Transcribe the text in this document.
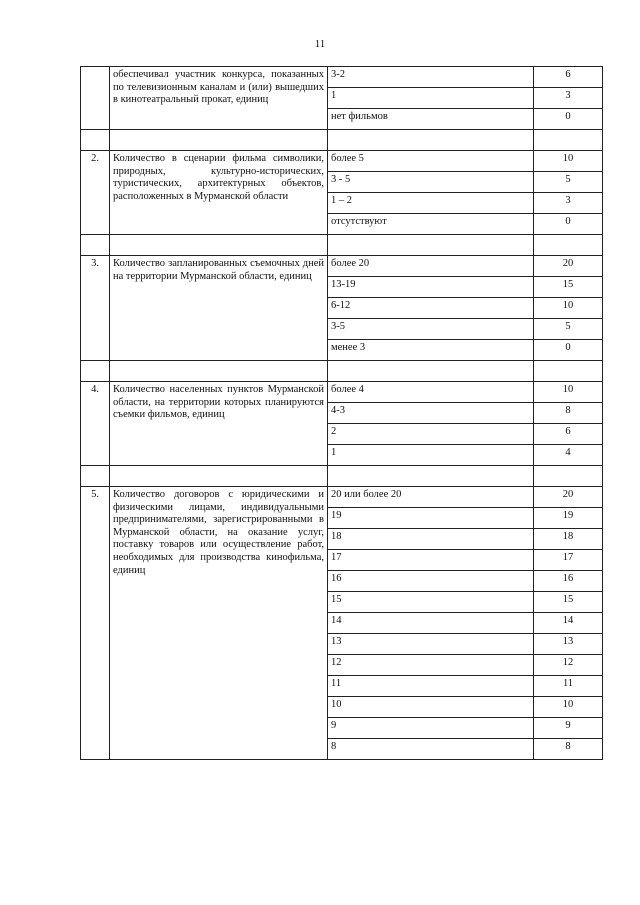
11
	обеспечивал участник конкурса, показанных по телевизионным каналам и (или) вышедших в кинотеатральный прокат, единиц	3-2	6
		1	3
		нет фильмов	0

2.	Количество в сценарии фильма символики, природных, культурно-исторических, туристических, архитектурных объектов, расположенных в Мурманской области	более 5	10
		3 - 5	5
		1 – 2	3
		отсутствуют	0

3.	Количество запланированных съемочных дней на территории Мурманской области, единиц	более 20	20
		13-19	15
		6-12	10
		3-5	5
		менее 3	0

4.	Количество населенных пунктов Мурманской области, на территории которых планируются съемки фильмов, единиц	более 4	10
		4-3	8
		2	6
		1	4

5.	Количество договоров с юридическими и физическими лицами, индивидуальными предпринимателями, зарегистрированными в Мурманской области, на оказание услуг, поставку товаров или осуществление работ, необходимых для производства кинофильма, единиц	20 или более 20	20
		19	19
		18	18
		17	17
		16	16
		15	15
		14	14
		13	13
		12	12
		11	11
		10	10
		9	9
		8	8
